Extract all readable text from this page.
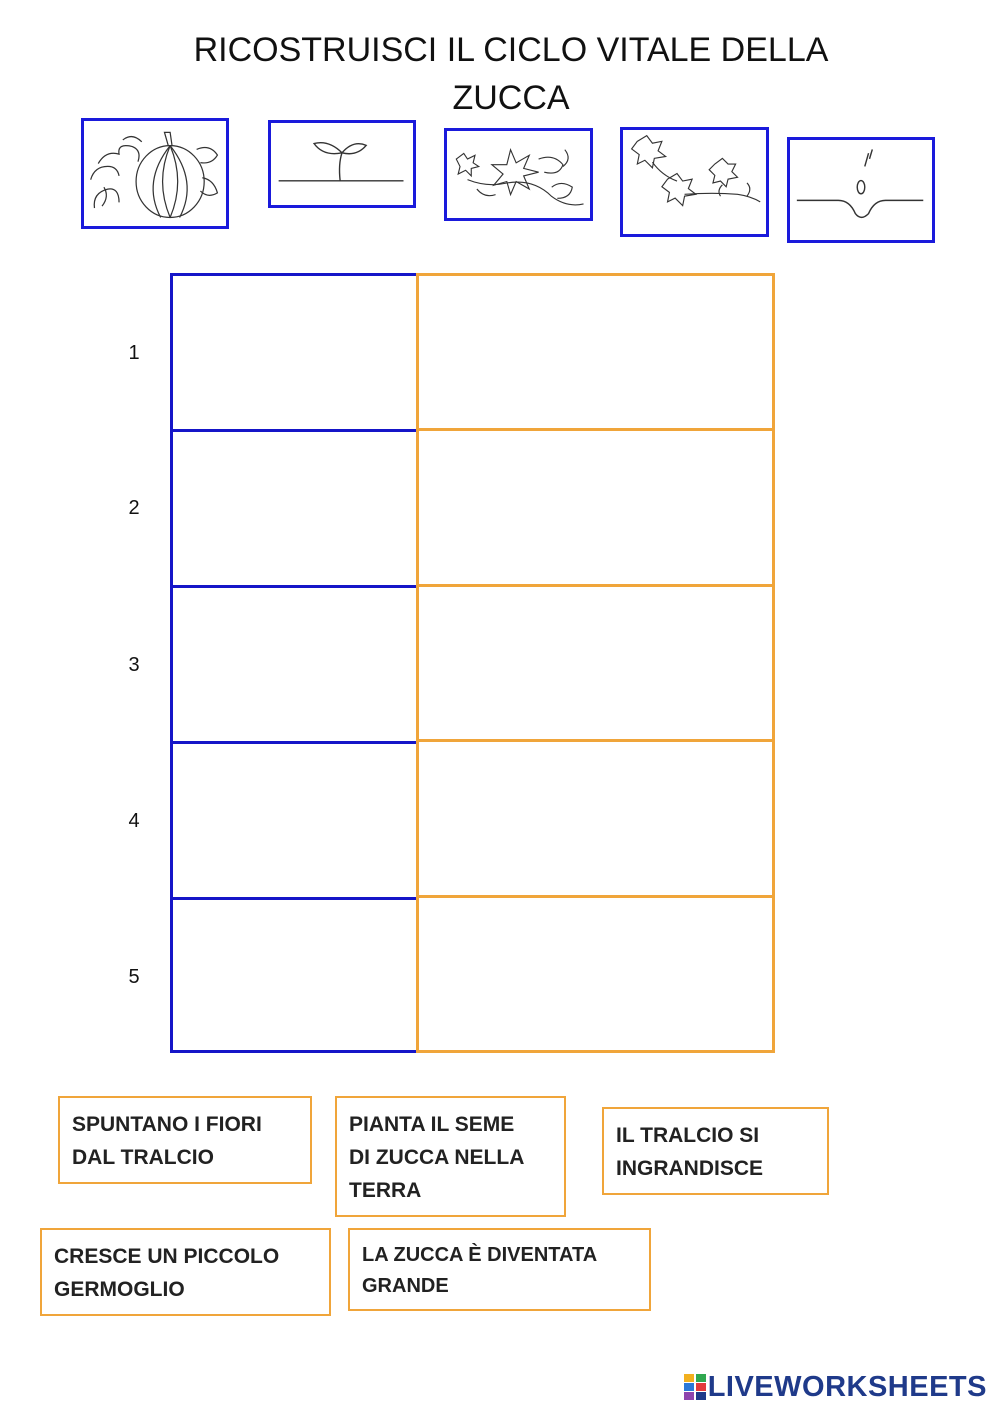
RICOSTRUISCI IL CICLO VITALE DELLA
ZUCCA
1
2
3
4
5
SPUNTANO I FIORI
DAL TRALCIO
PIANTA IL SEME
DI ZUCCA NELLA
TERRA
IL TRALCIO SI
INGRANDISCE
CRESCE UN PICCOLO
GERMOGLIO
LA ZUCCA È DIVENTATA
GRANDE
LIVEWORKSHEETS
